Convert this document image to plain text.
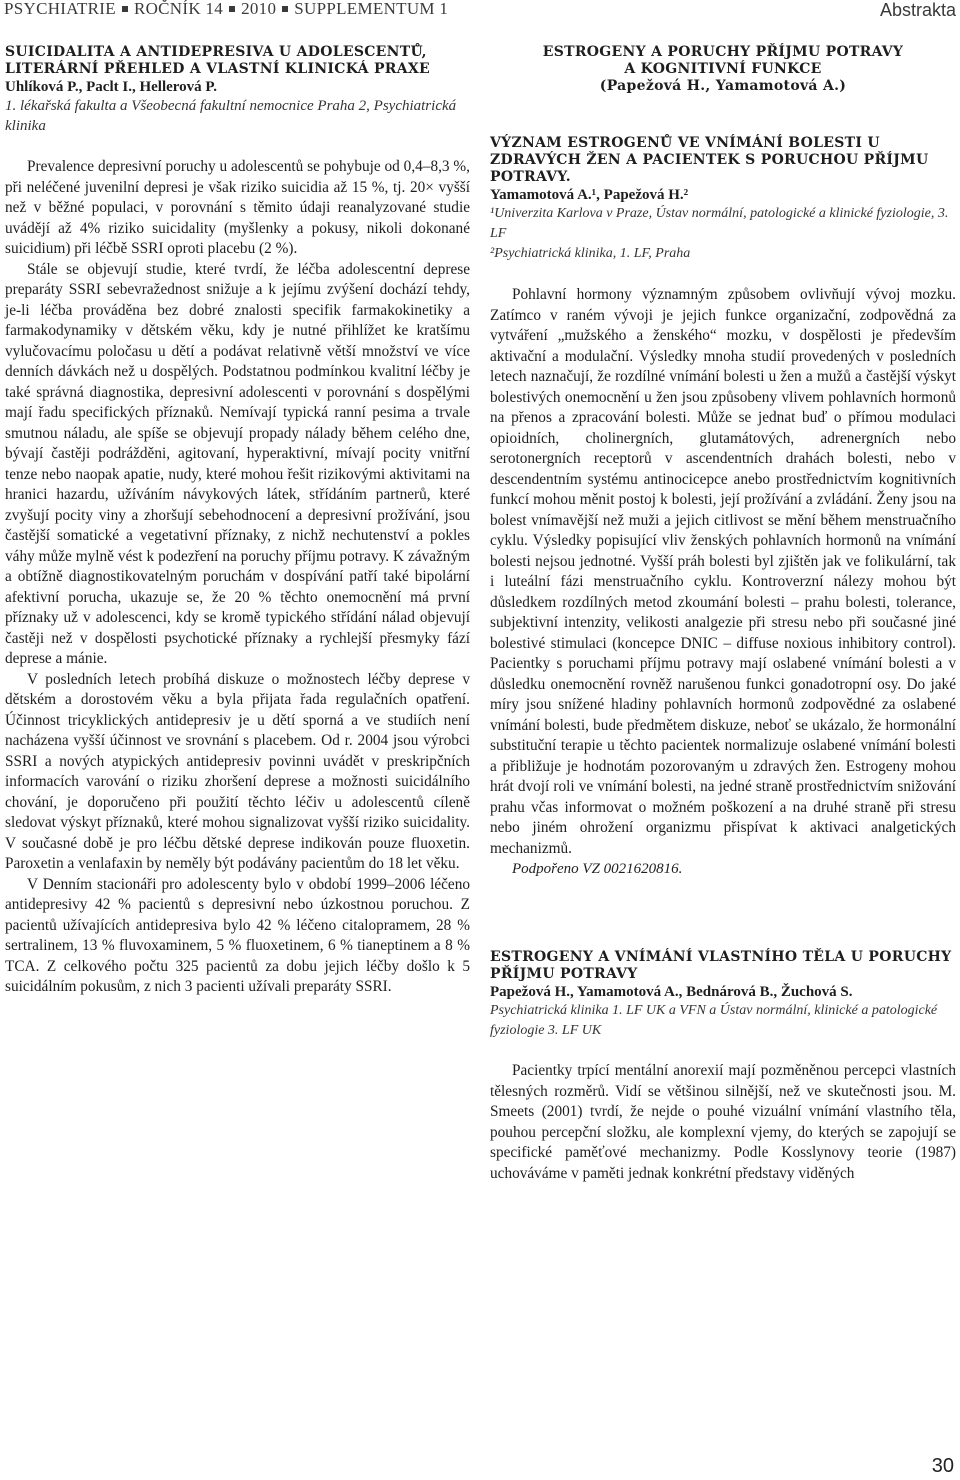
PSYCHIATRIE ROČNÍK 14 2010 SUPPLEMENTUM 1	Abstrakta
SUICIDALITA A ANTIDEPRESIVA U ADOLESCENTŮ, LITERÁRNÍ PŘEHLED A VLASTNÍ KLINICKÁ PRAXE
Uhlíková P., Paclt I., Hellerová P.
1. lékařská fakulta a Všeobecná fakultní nemocnice Praha 2, Psychiatrická klinika

Prevalence depresivní poruchy u adolescentů se pohybuje od 0,4–8,3 %, při neléčené juvenilní depresi je však riziko suicidia až 15 %, tj. 20× vyšší než v běžné populaci, v porovnání s těmito údaji reanalyzované studie uvádějí až 4% riziko suicidality (myšlenky a pokusy, nikoli dokonané suicidium) při léčbě SSRI oproti placebu (2 %).

Stále se objevují studie, které tvrdí, že léčba adolescentní deprese preparáty SSRI sebevražednost snižuje a k jejímu zvýšení dochází tehdy, je-li léčba prováděna bez dobré znalosti specifik farmakokinetiky a farmakodynamiky v dětském věku, kdy je nutné přihlížet ke kratšímu vylučovacímu poločasu u dětí a podávat relativně větší množství ve více denních dávkách než u dospělých. Podstatnou podmínkou kvalitní léčby je také správná diagnostika, depresivní adolescenti v porovnání s dospělými mají řadu specifických příznaků. Nemívají typická ranní pesima a trvale smutnou náladu, ale spíše se objevují propady nálady během celého dne, bývají častěji podrážděni, agitovaní, hyperaktivní, mívají pocity vnitřní tenze nebo naopak apatie, nudy, které mohou řešit rizikovými aktivitami na hranici hazardu, užíváním návykových látek, střídáním partnerů, které zvyšují pocity viny a zhoršují sebehodnocení a depresivní prožívání, jsou častější somatické a vegetativní příznaky, z nichž nechutenství a pokles váhy může mylně vést k podezření na poruchy příjmu potravy. K závažným a obtížně diagnostikovatelným poruchám v dospívání patří také bipolární afektivní porucha, ukazuje se, že 20 % těchto onemocnění má první příznaky už v adolescenci, kdy se kromě typického střídání nálad objevují častěji než v dospělosti psychotické příznaky a rychlejší přesmyky fází deprese a mánie.

V posledních letech probíhá diskuze o možnostech léčby deprese v dětském a dorostovém věku a byla přijata řada regulačních opatření. Účinnost tricyklických antidepresiv je u dětí sporná a ve studiích není nacházena vyšší účinnost ve srovnání s placebem. Od r. 2004 jsou výrobci SSRI a nových atypických antidepresiv povinni uvádět v preskripčních informacích varování o riziku zhoršení deprese a možnosti suicidálního chování, je doporučeno při použití těchto léčiv u adolescentů cíleně sledovat výskyt příznaků, které mohou signalizovat vyšší riziko suicidality. V současné době je pro léčbu dětské deprese indikován pouze fluoxetin. Paroxetin a venlafaxin by neměly být podávány pacientům do 18 let věku.

V Denním stacionáři pro adolescenty bylo v období 1999–2006 léčeno antidepresivy 42 % pacientů s depresivní nebo úzkostnou poruchou. Z pacientů užívajících antidepresiva bylo 42 % léčeno citalopramem, 28 % sertralinem, 13 % fluvoxaminem, 5 % fluoxetinem, 6 % tianeptinem a 8 % TCA. Z celkového počtu 325 pacientů za dobu jejich léčby došlo k 5 suicidálním pokusům, z nich 3 pacienti užívali preparáty SSRI.

ESTROGENY A PORUCHY PŘÍJMU POTRAVY
A KOGNITIVNÍ FUNKCE
(Papežová H., Yamamotová A.)
VÝZNAM ESTROGENŮ VE VNÍMÁNÍ BOLESTI U ZDRAVÝCH ŽEN A PACIENTEK S PORUCHOU PŘÍJMU POTRAVY.
Yamamotová A.¹, Papežová H.²
¹Univerzita Karlova v Praze, Ústav normální, patologické a klinické fyziologie, 3. LF
²Psychiatrická klinika, 1. LF, Praha

Pohlavní hormony významným způsobem ovlivňují vývoj mozku. Zatímco v raném vývoji je jejich funkce organizační, zodpovědná za vytváření „mužského a ženského“ mozku, v dospělosti je především aktivační a modulační. Výsledky mnoha studií provedených v posledních letech naznačují, že rozdílné vnímání bolesti u žen a mužů a častější výskyt bolestivých onemocnění u žen jsou způsobeny vlivem pohlavních hormonů na přenos a zpracování bolesti. Může se jednat buď o přímou modulaci opioidních, cholinergních, glutamátových, adrenergních nebo serotonergních receptorů v ascendentních drahách bolesti, nebo v descendentním systému antinocicepce anebo prostřednictvím kognitivních funkcí mohou měnit postoj k bolesti, její prožívání a zvládání. Ženy jsou na bolest vnímavější než muži a jejich citlivost se mění během menstruačního cyklu. Výsledky popisující vliv ženských pohlavních hormonů na vnímání bolesti nejsou jednotné. Vyšší práh bolesti byl zjištěn jak ve folikulární, tak i luteální fázi menstruačního cyklu. Kontroverzní nálezy mohou být důsledkem rozdílných metod zkoumání bolesti – prahu bolesti, tolerance, subjektivní intenzity, velikosti analgezie při stresu nebo při současné jiné bolestivé stimulaci (koncepce DNIC – diffuse noxious inhibitory control). Pacientky s poruchami příjmu potravy mají oslabené vnímání bolesti a v důsledku onemocnění rovněž narušenou funkci gonadotropní osy. Do jaké míry jsou snížené hladiny pohlavních hormonů zodpovědné za oslabené vnímání bolesti, bude předmětem diskuze, neboť se ukázalo, že hormonální substituční terapie u těchto pacientek normalizuje oslabené vnímání bolesti a přibližuje je hodnotám pozorovaným u zdravých žen. Estrogeny mohou hrát dvojí roli ve vnímání bolesti, na jedné straně prostřednictvím snižování prahu včas informovat o možném poškození a na druhé straně při stresu nebo jiném ohrožení organizmu přispívat k aktivaci analgetických mechanizmů.

Podpořeno VZ 0021620816.

ESTROGENY A VNÍMÁNÍ VLASTNÍHO TĚLA U PORUCHY PŘÍJMU POTRAVY
Papežová H., Yamamotová A., Bednárová B., Žuchová S.
Psychiatrická klinika 1. LF UK a VFN a Ústav normální, klinické a patologické fyziologie 3. LF UK

Pacientky trpící mentální anorexií mají pozměněnou percepci vlastních tělesných rozměrů. Vidí se většinou silnější, než ve skutečnosti jsou. M. Smeets (2001) tvrdí, že nejde o pouhé vizuální vnímání vlastního těla, pouhou percepční složku, ale komplexní vjemy, do kterých se zapojují se specifické paměťové mechanizmy. Podle Kosslynovy teorie (1987) uchováváme v paměti jednak konkrétní představy viděných

30
